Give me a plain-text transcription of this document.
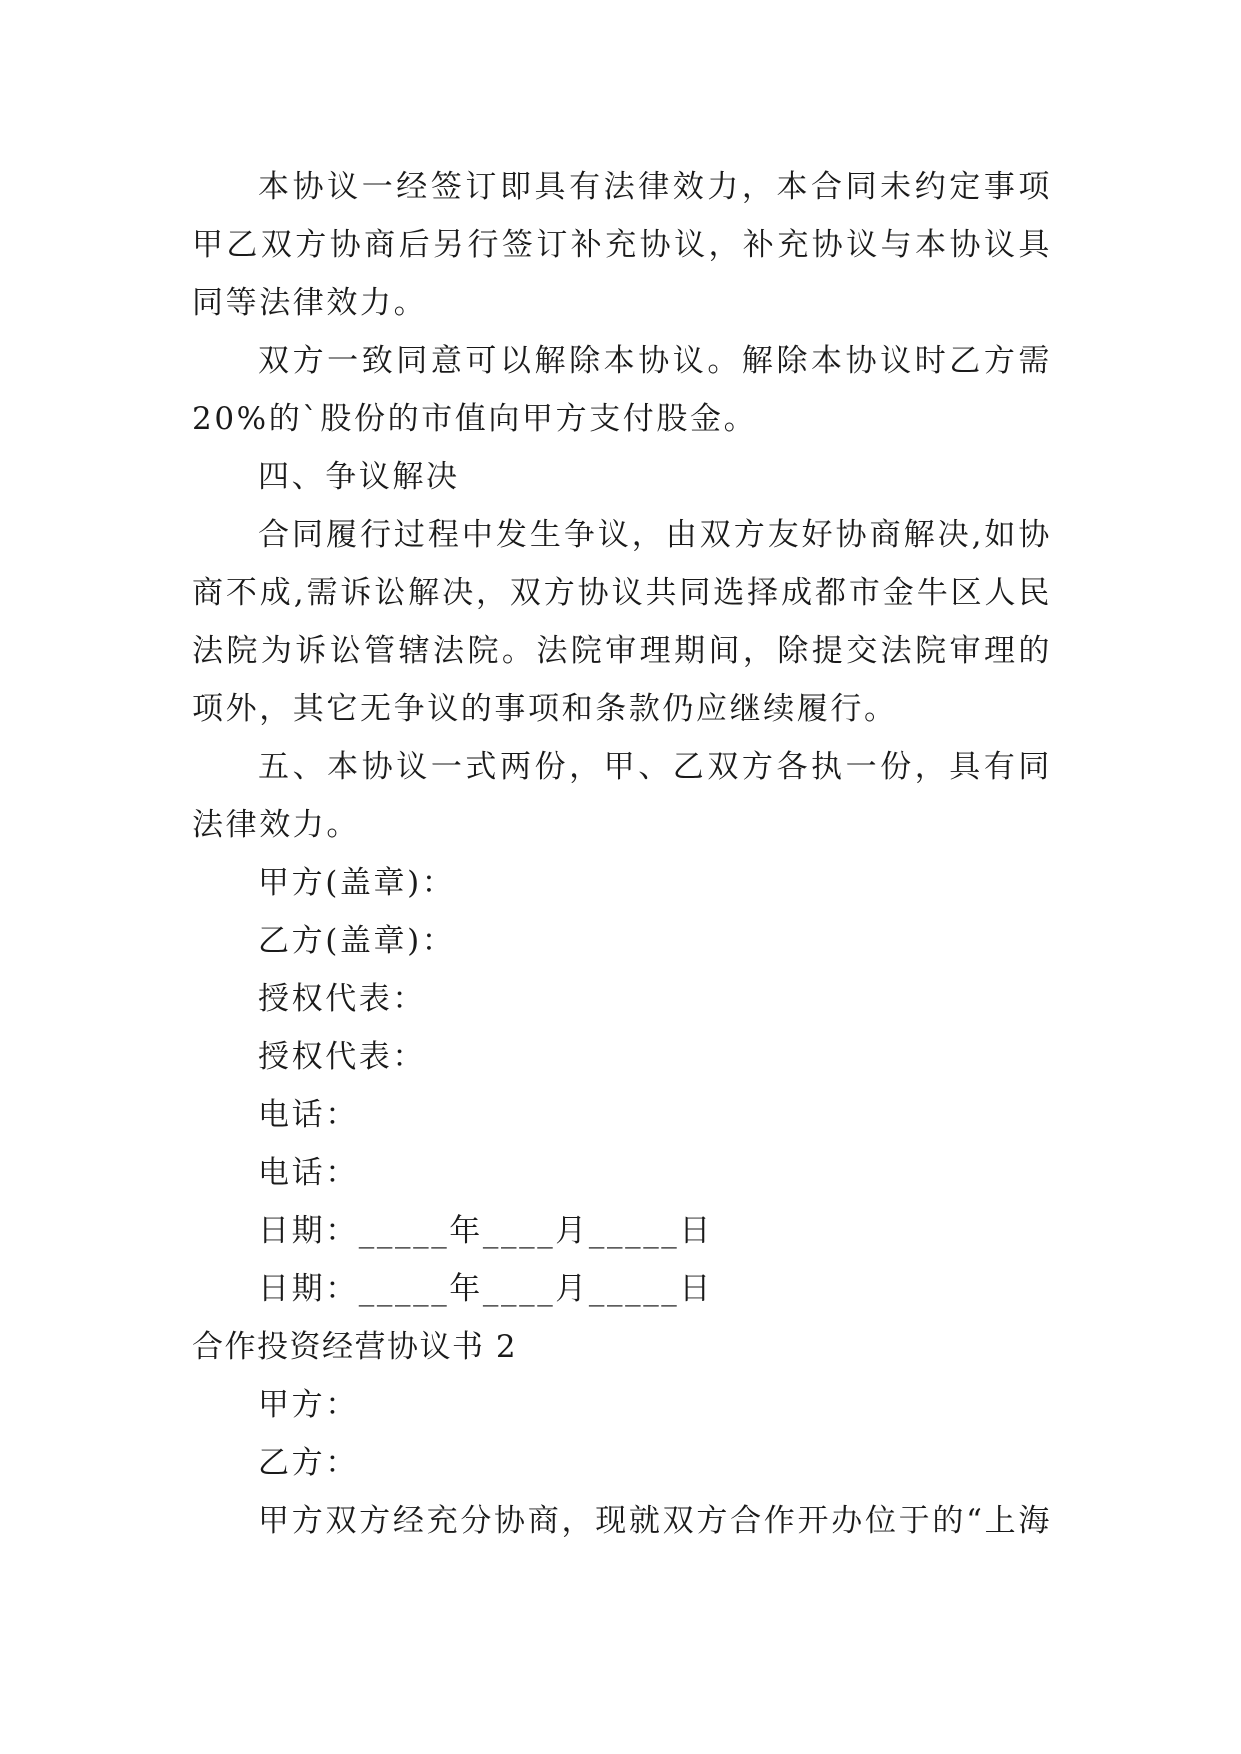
本协议一经签订即具有法律效力，本合同未约定事项
甲乙双方协商后另行签订补充协议，补充协议与本协议具
同等法律效力。
双方一致同意可以解除本协议。解除本协议时乙方需
20%的`股份的市值向甲方支付股金。
四、争议解决
合同履行过程中发生争议，由双方友好协商解决,如协
商不成,需诉讼解决，双方协议共同选择成都市金牛区人民
法院为诉讼管辖法院。法院审理期间，除提交法院审理的
项外，其它无争议的事项和条款仍应继续履行。
五、本协议一式两份，甲、乙双方各执一份，具有同
法律效力。
甲方(盖章)：
乙方(盖章)：
授权代表：
授权代表：
电话：
电话：
日期：_____年____月_____日
日期：_____年____月_____日
合作投资经营协议书 2
甲方：
乙方：
甲方双方经充分协商，现就双方合作开办位于的“上海
